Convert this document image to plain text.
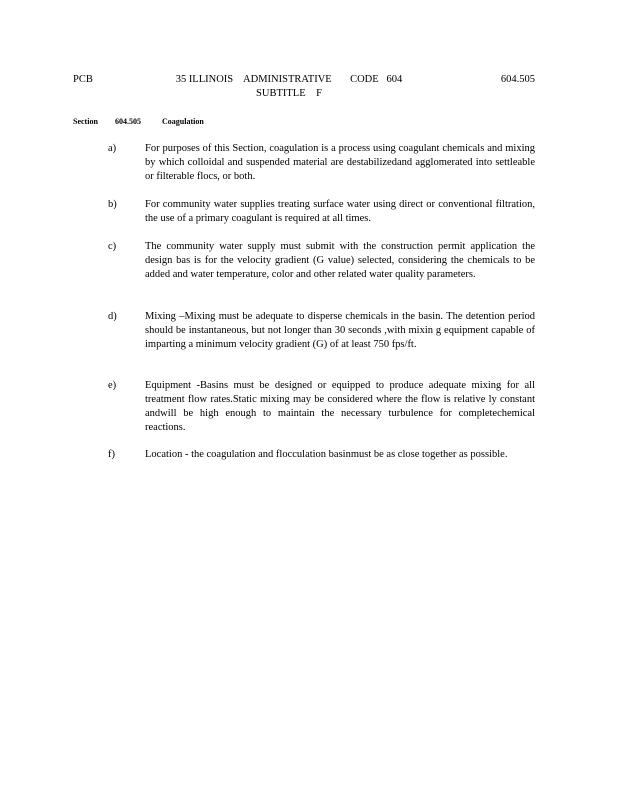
PCB	35 ILLINOIS    ADMINISTRATIVE       CODE   604
SUBTITLE    F
604.505
Section 604.505	Coagulation
a)	For purposes of this Section, coagulation is a process using coagulant chemicals and mixing by which colloidal and suspended material are destabilizedand agglomerated into settleable or filterable flocs, or both.
b)	For community water supplies treating surface water using direct or conventional filtration, the use of a primary coagulant is required at all times.
c)	The community water supply must submit with the construction permit application the design bas is for the velocity gradient (G value) selected, considering the chemicals to be added and water temperature, color and other related water quality parameters.
d)	Mixing –Mixing must be adequate to disperse chemicals in the basin. The detention period should be instantaneous, but not longer than 30 seconds ,with mixin g equipment capable of imparting a minimum velocity gradient (G) of at least 750 fps/ft.
e)	Equipment -Basins must be designed or equipped to produce adequate mixing for all treatment flow rates.Static mixing may be considered where the flow is relative ly constant andwill be high enough to maintain the necessary turbulence for completechemical reactions.
f)	Location - the coagulation and flocculation basinmust be as close together as possible.
